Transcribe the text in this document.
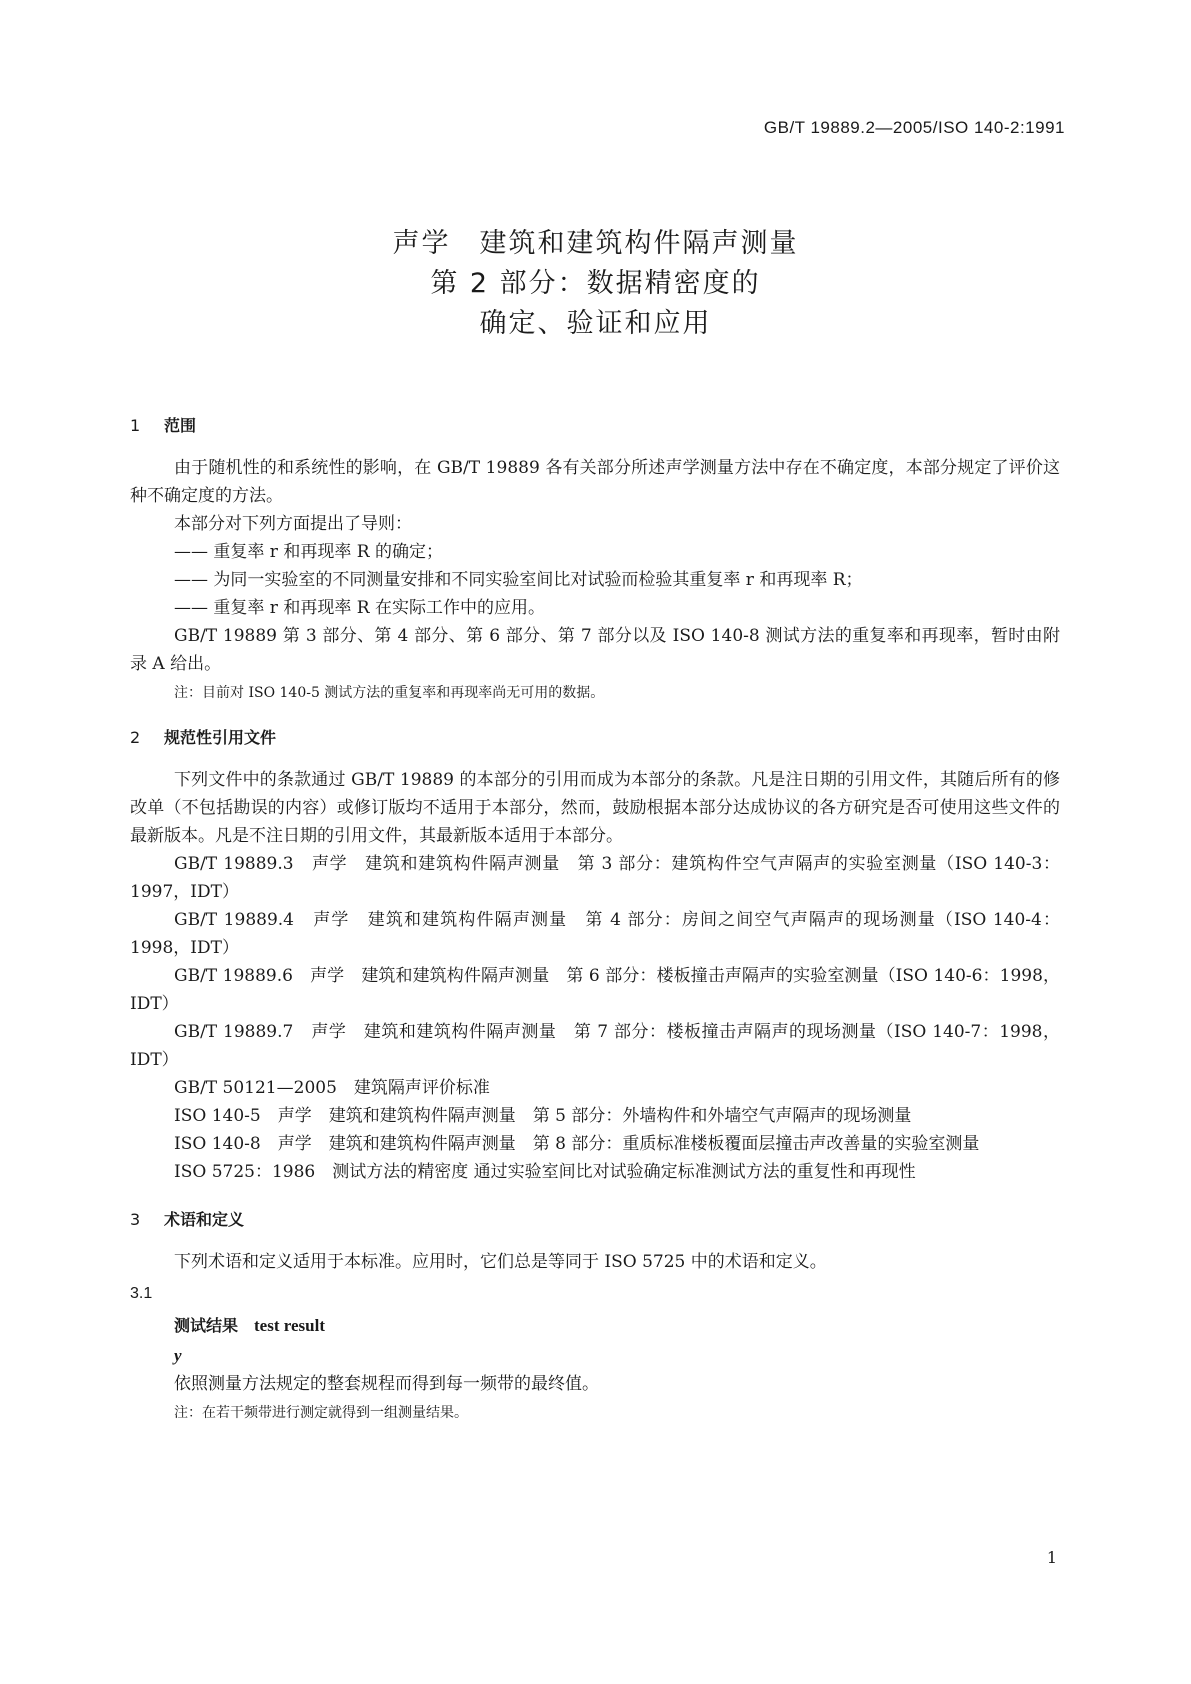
GB/T 19889.2—2005/ISO 140-2:1991
声学　建筑和建筑构件隔声测量
第 2 部分：数据精密度的
确定、验证和应用
1 范围

由于随机性的和系统性的影响，在 GB/T 19889 各有关部分所述声学测量方法中存在不确定度，本部分规定了评价这种不确定度的方法。

本部分对下列方面提出了导则：

—— 重复率 r 和再现率 R 的确定；

—— 为同一实验室的不同测量安排和不同实验室间比对试验而检验其重复率 r 和再现率 R；

—— 重复率 r 和再现率 R 在实际工作中的应用。

GB/T 19889 第 3 部分、第 4 部分、第 6 部分、第 7 部分以及 ISO 140-8 测试方法的重复率和再现率，暂时由附录 A 给出。

注：目前对 ISO 140-5 测试方法的重复率和再现率尚无可用的数据。

2 规范性引用文件

下列文件中的条款通过 GB/T 19889 的本部分的引用而成为本部分的条款。凡是注日期的引用文件，其随后所有的修改单（不包括勘误的内容）或修订版均不适用于本部分，然而，鼓励根据本部分达成协议的各方研究是否可使用这些文件的最新版本。凡是不注日期的引用文件，其最新版本适用于本部分。

GB/T 19889.3　声学　建筑和建筑构件隔声测量　第 3 部分：建筑构件空气声隔声的实验室测量（ISO 140-3：1997，IDT）

GB/T 19889.4　声学　建筑和建筑构件隔声测量　第 4 部分：房间之间空气声隔声的现场测量（ISO 140-4：1998，IDT）

GB/T 19889.6　声学　建筑和建筑构件隔声测量　第 6 部分：楼板撞击声隔声的实验室测量（ISO 140-6：1998，IDT）

GB/T 19889.7　声学　建筑和建筑构件隔声测量　第 7 部分：楼板撞击声隔声的现场测量（ISO 140-7：1998，IDT）

GB/T 50121—2005　建筑隔声评价标准

ISO 140-5　声学　建筑和建筑构件隔声测量　第 5 部分：外墙构件和外墙空气声隔声的现场测量

ISO 140-8　声学　建筑和建筑构件隔声测量　第 8 部分：重质标准楼板覆面层撞击声改善量的实验室测量

ISO 5725：1986　测试方法的精密度 通过实验室间比对试验确定标准测试方法的重复性和再现性

3 术语和定义

下列术语和定义适用于本标准。应用时，它们总是等同于 ISO 5725 中的术语和定义。

3.1
测试结果 test result
y

依照测量方法规定的整套规程而得到每一频带的最终值。

注：在若干频带进行测定就得到一组测量结果。

1
